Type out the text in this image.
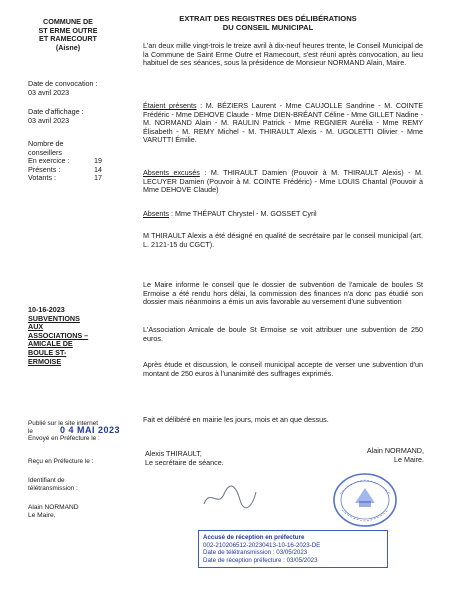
COMMUNE DE
ST ERME OUTRE
ET RAMECOURT
(Aisne)
Date de convocation :
03 avril 2023
Date d'affichage :
03 avril 2023
Nombre de
conseillers
En exercice :	19
Présents :	14
Votants :	17
10-16-2023
SUBVENTIONS
AUX
ASSOCIATIONS –
AMICALE DE
BOULE ST-
ERMOISE
Publié sur le site internet
le	0 4 MAI 2023
Envoyé en Préfecture le :
Reçu en Préfecture le :
Identifiant de
télétransmission :
Alain NORMAND
Le Maire,
EXTRAIT DES REGISTRES DES DÉLIBÉRATIONS
DU CONSEIL MUNICIPAL
L'an deux mille vingt-trois le treize avril à dix-neuf heures trente, le Conseil Municipal de la Commune de Saint Erme Outre et Ramecourt, s'est réuni après convocation, au lieu habituel de ses séances, sous la présidence de Monsieur NORMAND Alain, Maire.
Étaient présents : M. BÉZIERS Laurent - Mme CAUJOLLE Sandrine - M. COINTE Frédéric - Mme DEHOVE Claude - Mme DIEN-BRÉANT Céline - Mme GILLET Nadine - M. NORMAND Alain - M. RAULIN Patrick - Mme REGNIER Aurélia - Mme REMY Élisabeth - M. REMY Michel - M. THIRAULT Alexis - M. UGOLETTI Olivier - Mme VARUTTI Émilie.
Absents excusés : M. THIRAULT Damien (Pouvoir à M. THIRAULT Alexis) - M. LECUYER Damien (Pouvoir à M. COINTE Frédéric) - Mme LOUIS Chantal (Pouvoir à Mme DEHOVE Claude)
Absents : Mme THÉPAUT Chrystel - M. GOSSET Cyril
M THIRAULT Alexis a été désigné en qualité de secrétaire par le conseil municipal (art. L. 2121-15 du CGCT).
Le Maire informe le conseil que le dossier de subvention de l'amicale de boules St Ermoise a été rendu hors délai, la commission des finances n'a donc pas étudié son dossier mais néanmoins a émis un avis favorable au versement d'une subvention
L'Association Amicale de boule St Ermoise se voit attribuer une subvention de 250 euros.
Après étude et discussion, le conseil municipal accepte de verser une subvention d'un montant de 250 euros à l'unanimité des suffrages exprimés.
Fait et délibéré en mairie les jours, mois et an que dessus.
Alexis THIRAULT,
Le secrétaire de séance.
Alain NORMAND,
Le Maire.
Accusé de réception en préfecture
002-210206512-20230413-10-16-2023-DE
Date de télétransmission : 03/05/2023
Date de réception préfecture : 03/05/2023
